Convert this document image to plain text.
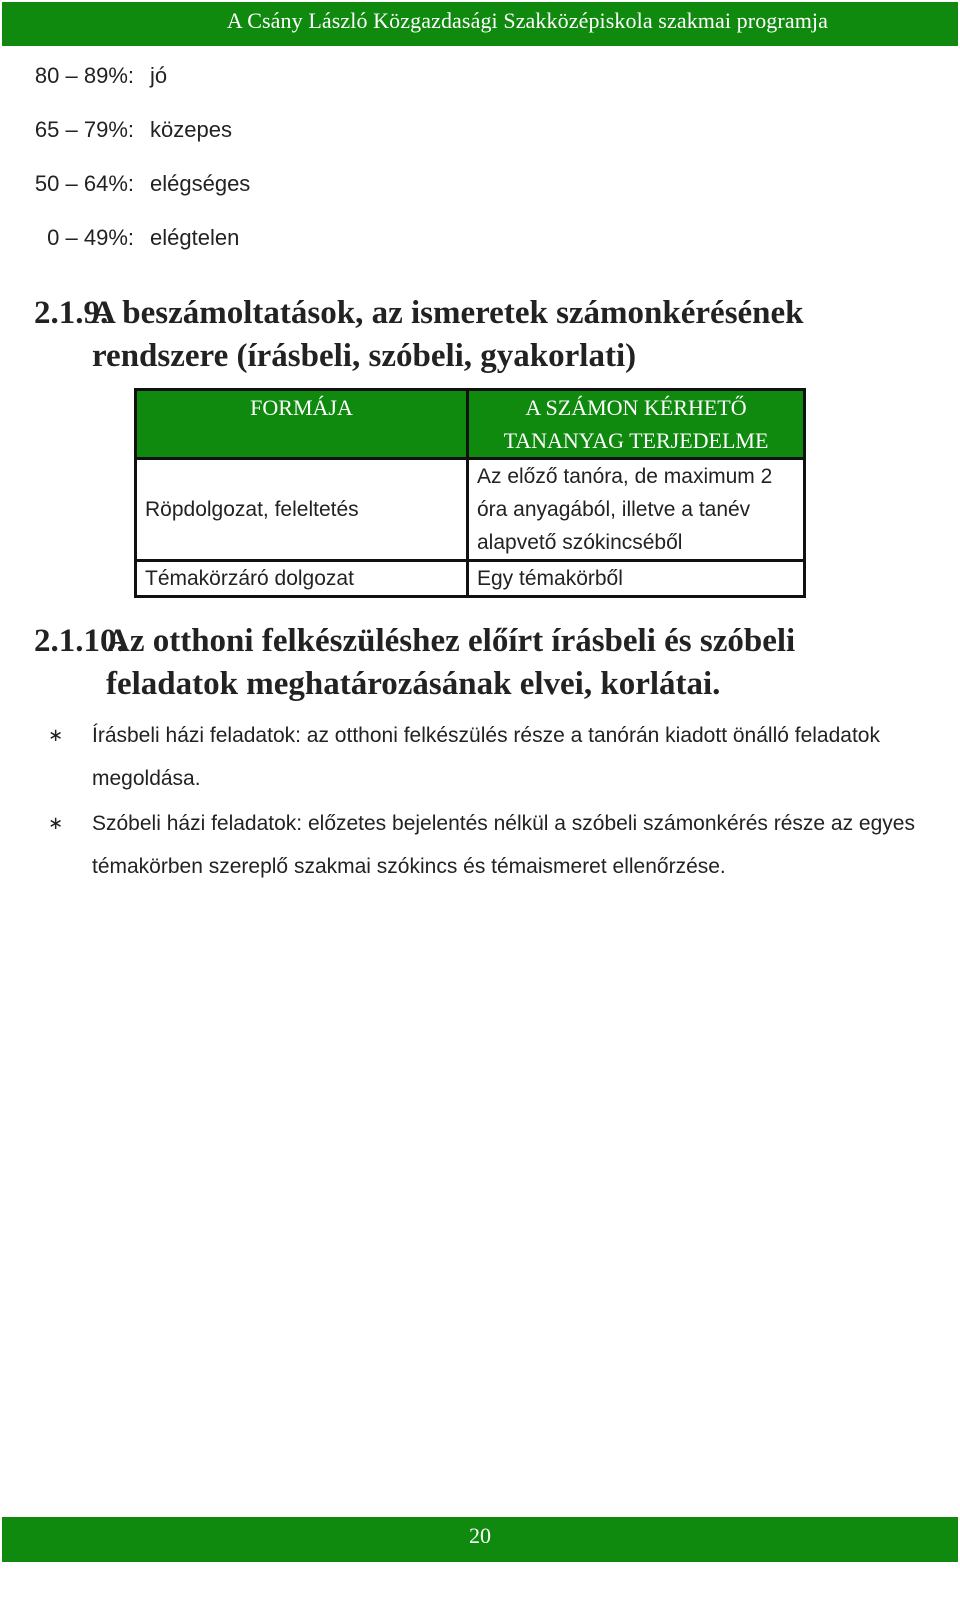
A Csány László Közgazdasági Szakközépiskola szakmai programja
80 – 89%: jó
65 – 79%: közepes
50 – 64%: elégséges
0 – 49%: elégtelen
2.1.9.
A beszámoltatások, az ismeretek számonkérésének
rendszere (írásbeli, szóbeli, gyakorlati)
FORMÁJA	A SZÁMON KÉRHETŐ TANANYAG TERJEDELME
Röpdolgozat, feleltetés	Az előző tanóra, de maximum 2 óra anyagából, illetve a tanév alapvető szókincséből
Témakörzáró dolgozat	Egy témakörből
2.1.10.
Az otthoni felkészüléshez előírt írásbeli és szóbeli
feladatok meghatározásának elvei, korlátai.
∗ Írásbeli házi feladatok: az otthoni felkészülés része a tanórán kiadott önálló feladatok megoldása.
∗ Szóbeli házi feladatok: előzetes bejelentés nélkül a szóbeli számonkérés része az egyes témakörben szereplő szakmai szókincs és témaismeret ellenőrzése.
20
